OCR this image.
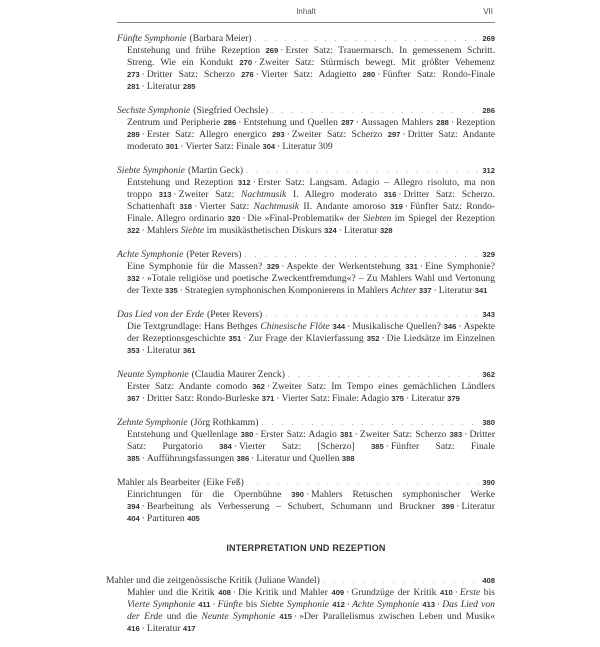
Inhalt	VII
Fünfte Symphonie (Barbara Meier) . . .	269
Entstehung und frühe Rezeption 269 · Erster Satz: Trauermarsch. In gemessenem Schritt. Streng. Wie ein Kondukt 270 · Zweiter Satz: Stürmisch bewegt. Mit größter Vehemenz 273 · Dritter Satz: Scherzo 276 · Vierter Satz: Adagietto 280 · Fünfter Satz: Rondo-Finale 281 · Literatur 285
Sechste Symphonie (Siegfried Oechsle) . . .	286
Zentrum und Peripherie 286 · Entstehung und Quellen 287 · Aussagen Mahlers 288 · Rezeption 289 · Erster Satz: Allegro energico 293 · Zweiter Satz: Scherzo 297 · Dritter Satz: Andante moderato 301 · Vierter Satz: Finale 304 · Literatur 309
Siebte Symphonie (Martin Geck) . . .	312
Entstehung und Rezeption 312 · Erster Satz: Langsam. Adagio – Allegro risoluto, ma non troppo 313 · Zweiter Satz: Nachtmusik I. Allegro moderato 316 · Dritter Satz: Scherzo. Schattenhaft 318 · Vierter Satz: Nachtmusik II. Andante amoroso 319 · Fünfter Satz: Rondo-Finale. Allegro ordinario 320 · Die »Final-Problematik« der Siebten im Spiegel der Rezeption 322 · Mahlers Siebte im musikästhetischen Diskurs 324 · Literatur 328
Achte Symphonie (Peter Revers) . . .	329
Eine Symphonie für die Massen? 329 · Aspekte der Werkentstehung 331 · Eine Symphonie? 332 · »Totale religiöse und poetische Zweckentfremdung«? – Zu Mahlers Wahl und Vertonung der Texte 335 · Strategien symphonischen Komponierens in Mahlers Achter 337 · Literatur 341
Das Lied von der Erde (Peter Revers) . . .	343
Die Textgrundlage: Hans Bethges Chinesische Flöte 344 · Musikalische Quellen? 346 · Aspekte der Rezeptionsgeschichte 351 · Zur Frage der Klavierfassung 352 · Die Liedsätze im Einzelnen 353 · Literatur 361
Neunte Symphonie (Claudia Maurer Zenck) . . .	362
Erster Satz: Andante comodo 362 · Zweiter Satz: Im Tempo eines gemächlichen Ländlers 367 · Dritter Satz: Rondo-Burleske 371 · Vierter Satz: Finale: Adagio 375 · Literatur 379
Zehnte Symphonie (Jörg Rothkamm) . . .	380
Entstehung und Quellenlage 380 · Erster Satz: Adagio 381 · Zweiter Satz: Scherzo 383 · Dritter Satz: Purgatorio 384 · Vierter Satz: [Scherzo] 385 · Fünfter Satz: Finale 385 · Aufführungsfassungen 386 · Literatur und Quellen 388
Mahler als Bearbeiter (Eike Feß) . . .	390
Einrichtungen für die Opernbühne 390 · Mahlers Retuschen symphonischer Werke 394 · Bearbeitung als Verbesserung – Schubert, Schumann und Bruckner 399 · Literatur 404 · Partituren 405
INTERPRETATION UND REZEPTION
Mahler und die zeitgenössische Kritik (Juliane Wandel) . . .	408
Mahler und die Kritik 408 · Die Kritik und Mahler 409 · Grundzüge der Kritik 410 · Erste bis Vierte Symphonie 411 · Fünfte bis Siebte Symphonie 412 · Achte Symphonie 413 · Das Lied von der Erde und die Neunte Symphonie 415 · »Der Parallelismus zwischen Leben und Musik« 416 · Literatur 417
